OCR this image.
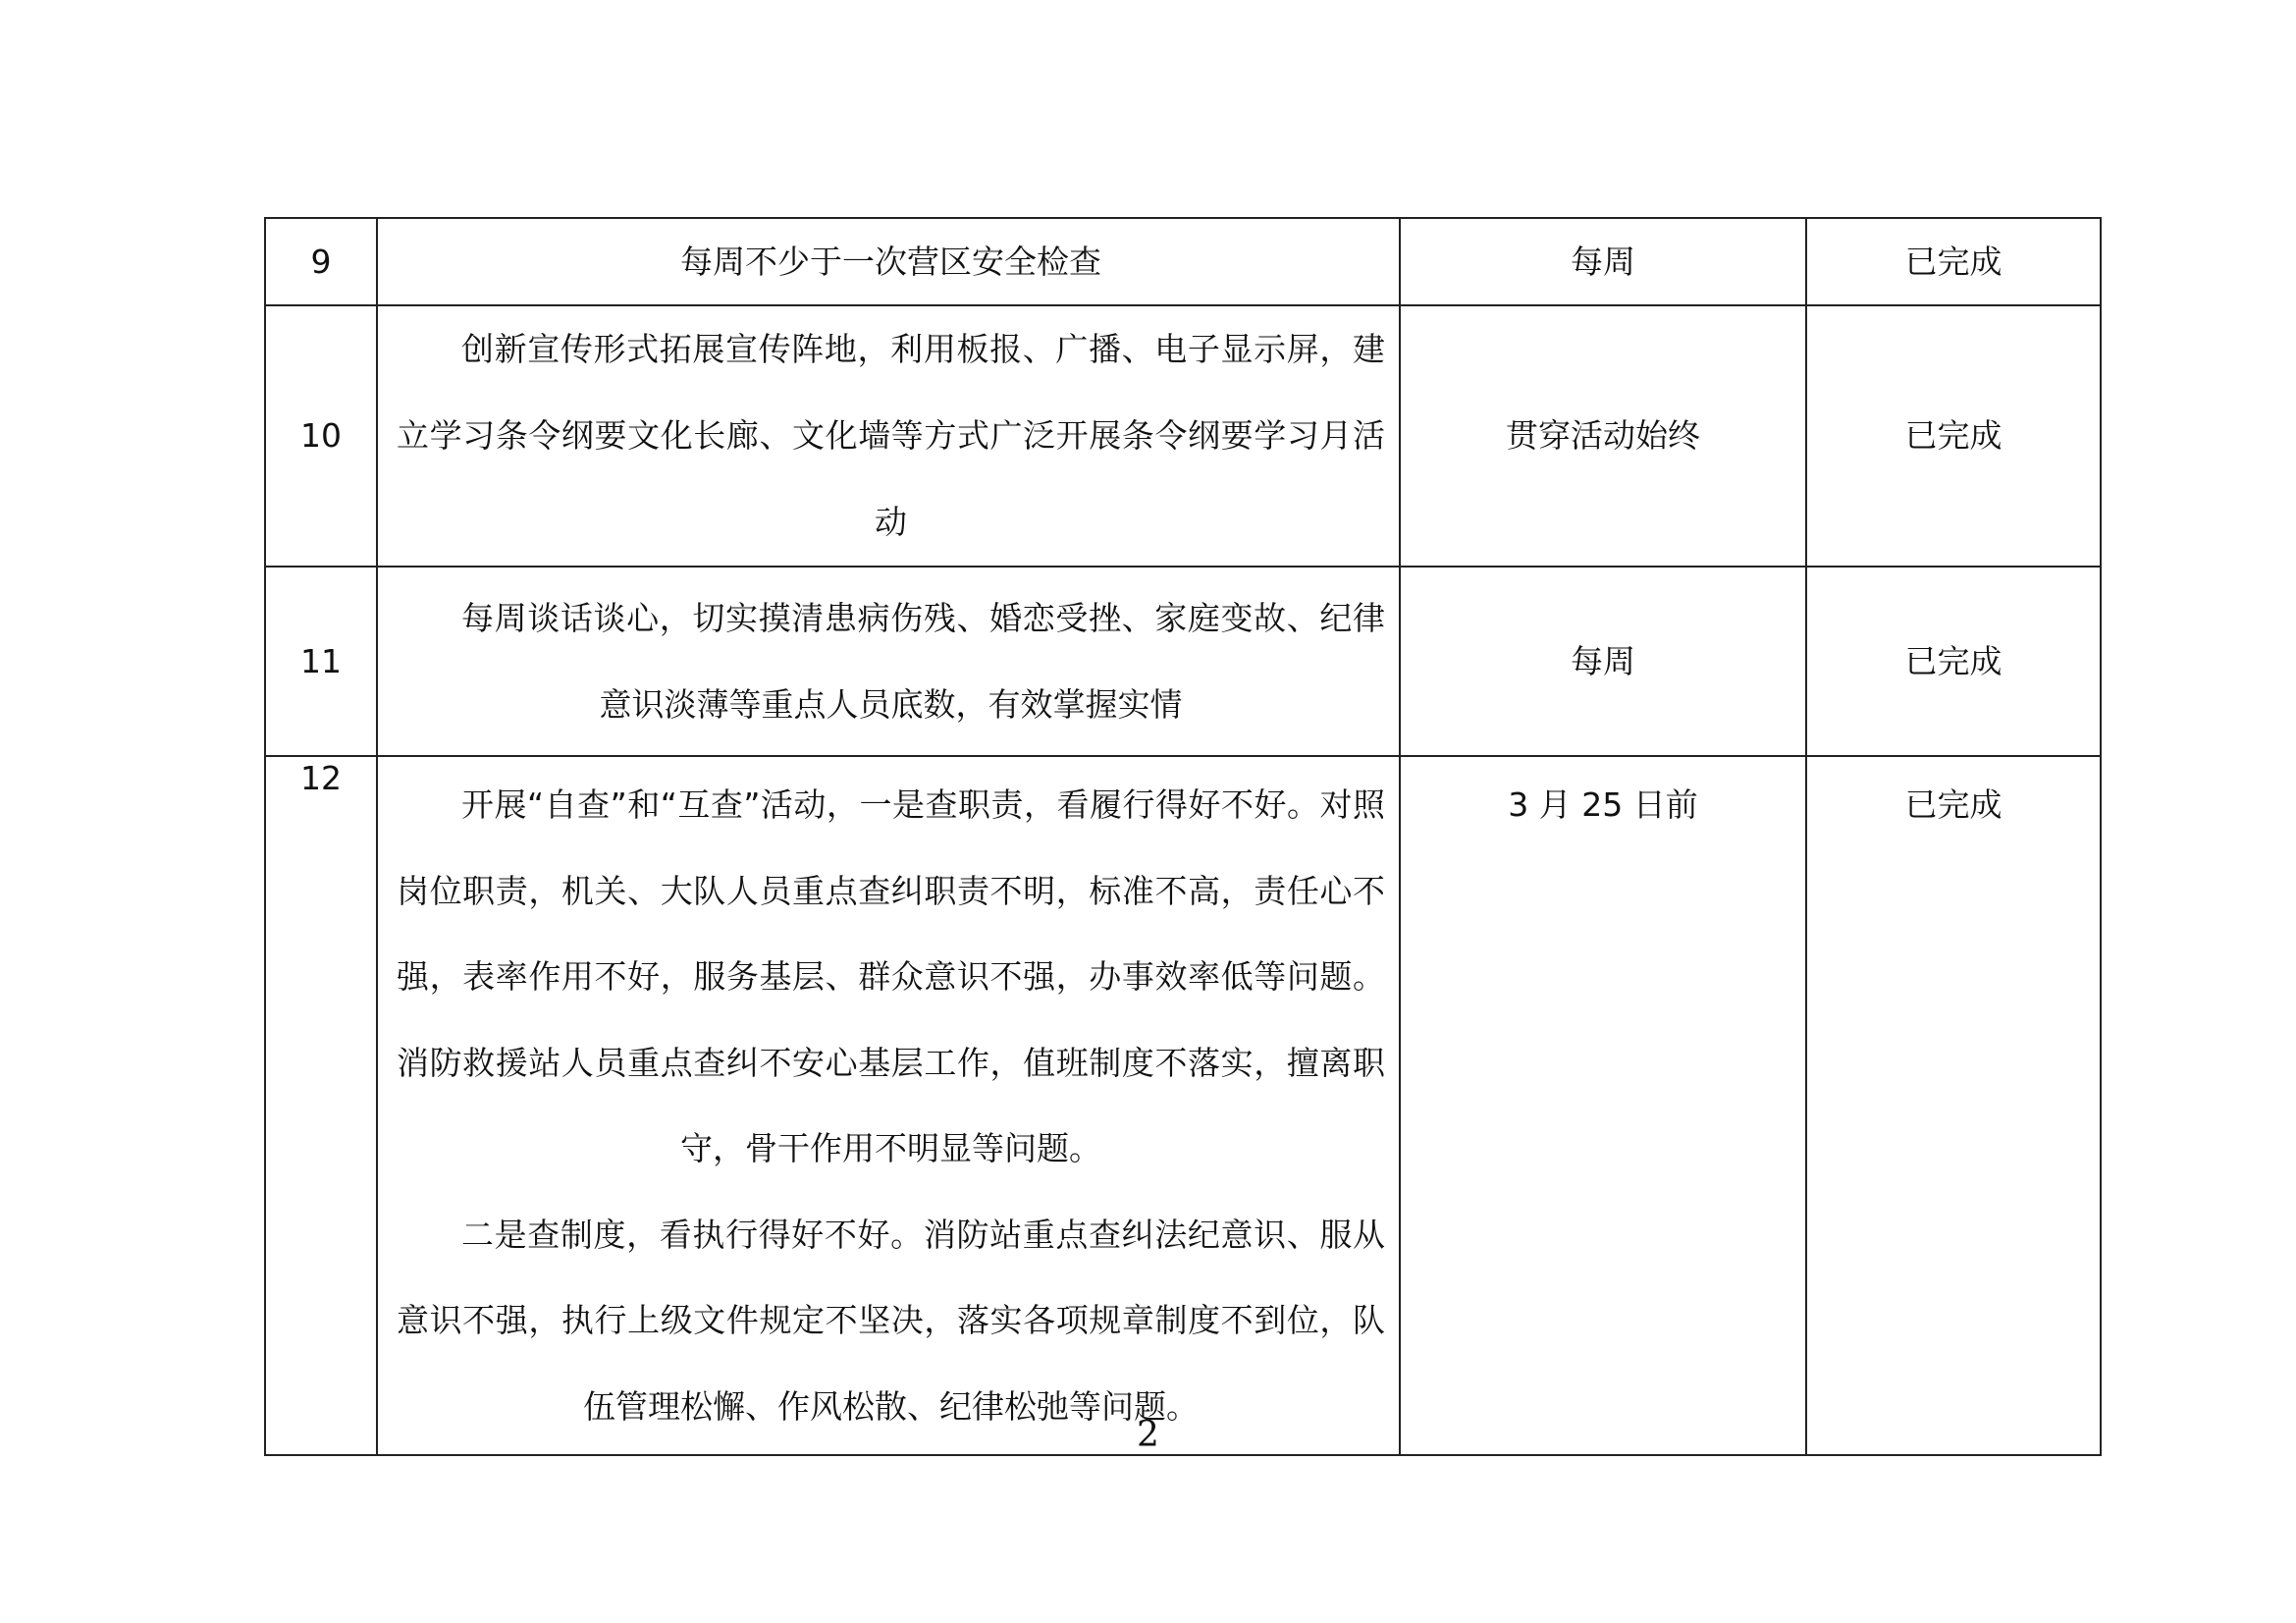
9	每周不少于一次营区安全检查	每周	已完成
10	创新宣传形式拓展宣传阵地，利用板报、广播、电子显示屏，建立学习条令纲要文化长廊、文化墙等方式广泛开展条令纲要学习月活动	贯穿活动始终	已完成
11	每周谈话谈心，切实摸清患病伤残、婚恋受挫、家庭变故、纪律意识淡薄等重点人员底数，有效掌握实情	每周	已完成

12	开展“自查”和“互查”活动，一是查职责，看履行得好不好。对照岗位职责，机关、大队人员重点查纠职责不明，标准不高，责任心不强，表率作用不好，服务基层、群众意识不强，办事效率低等问题。消防救援站人员重点查纠不安心基层工作，值班制度不落实，擅离职守，骨干作用不明显等问题。

二是查制度，看执行得好不好。消防站重点查纠法纪意识、服从意识不强，执行上级文件规定不坚决，落实各项规章制度不到位，队伍管理松懈、作风松散、纪律松弛等问题。	3 月 25 日前	已完成
2
